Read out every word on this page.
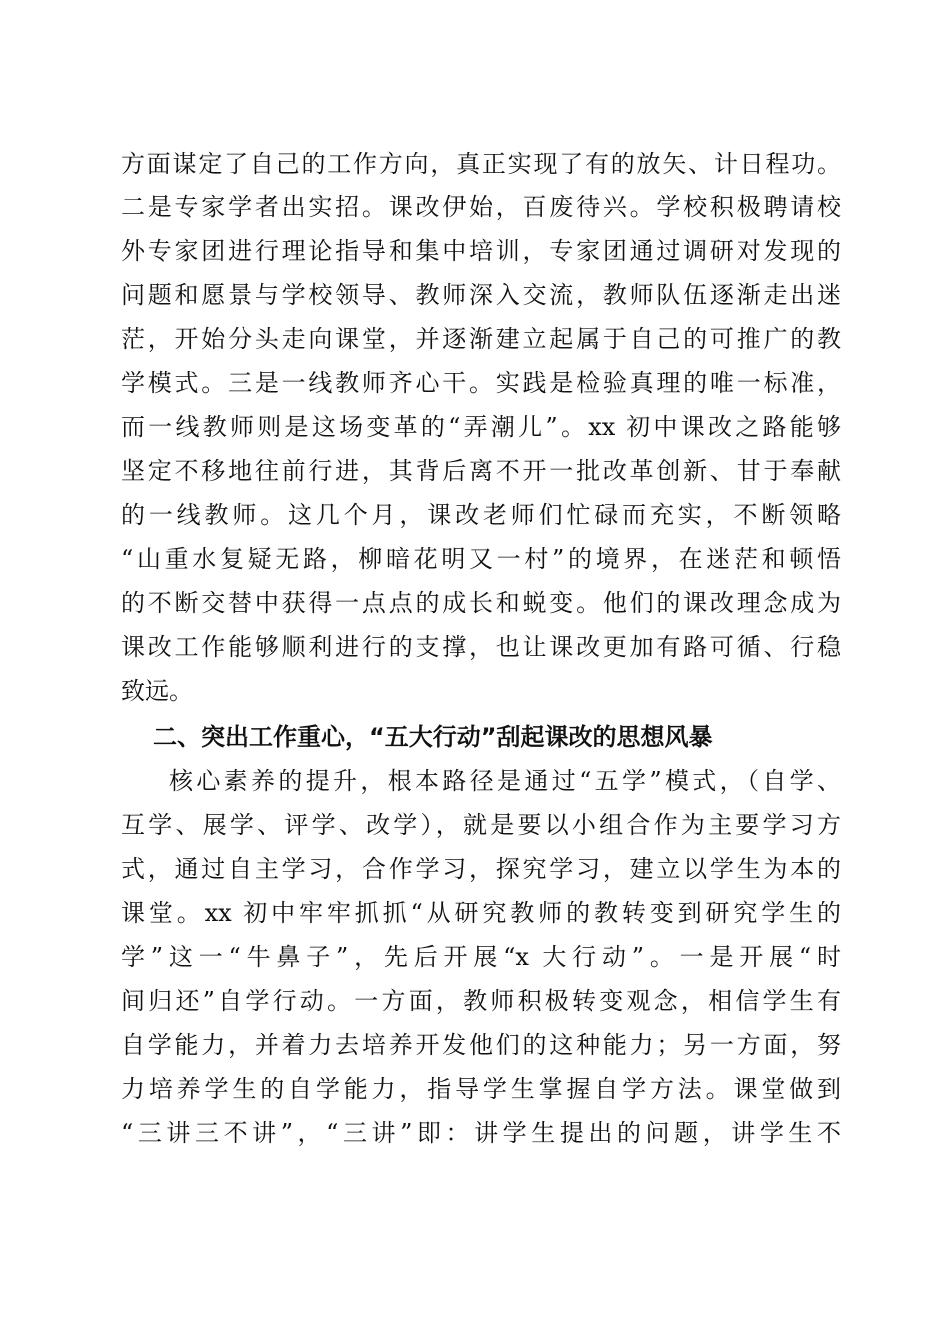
方面谋定了自己的工作方向，真正实现了有的放矢、计日程功。
二是专家学者出实招。课改伊始，百废待兴。学校积极聘请校
外专家团进行理论指导和集中培训，专家团通过调研对发现的
问题和愿景与学校领导、教师深入交流，教师队伍逐渐走出迷
茫，开始分头走向课堂，并逐渐建立起属于自己的可推广的教
学模式。三是一线教师齐心干。实践是检验真理的唯一标准，
而一线教师则是这场变革的“弄潮儿”。xx 初中课改之路能够
坚定不移地往前行进，其背后离不开一批改革创新、甘于奉献
的一线教师。这几个月，课改老师们忙碌而充实，不断领略
“山重水复疑无路，柳暗花明又一村”的境界，在迷茫和顿悟
的不断交替中获得一点点的成长和蜕变。他们的课改理念成为
课改工作能够顺利进行的支撑，也让课改更加有路可循、行稳
致远。
二、突出工作重心，“五大行动”刮起课改的思想风暴
核心素养的提升，根本路径是通过“五学”模式，（自学、
互学、展学、评学、改学），就是要以小组合作为主要学习方
式，通过自主学习，合作学习，探究学习，建立以学生为本的
课堂。xx 初中牢牢抓抓“从研究教师的教转变到研究学生的
学”这一“牛鼻子”，先后开展“x 大行动”。一是开展“时
间归还”自学行动。一方面，教师积极转变观念，相信学生有
自学能力，并着力去培养开发他们的这种能力；另一方面，努
力培养学生的自学能力，指导学生掌握自学方法。课堂做到
“三讲三不讲”，“三讲”即：讲学生提出的问题，讲学生不
